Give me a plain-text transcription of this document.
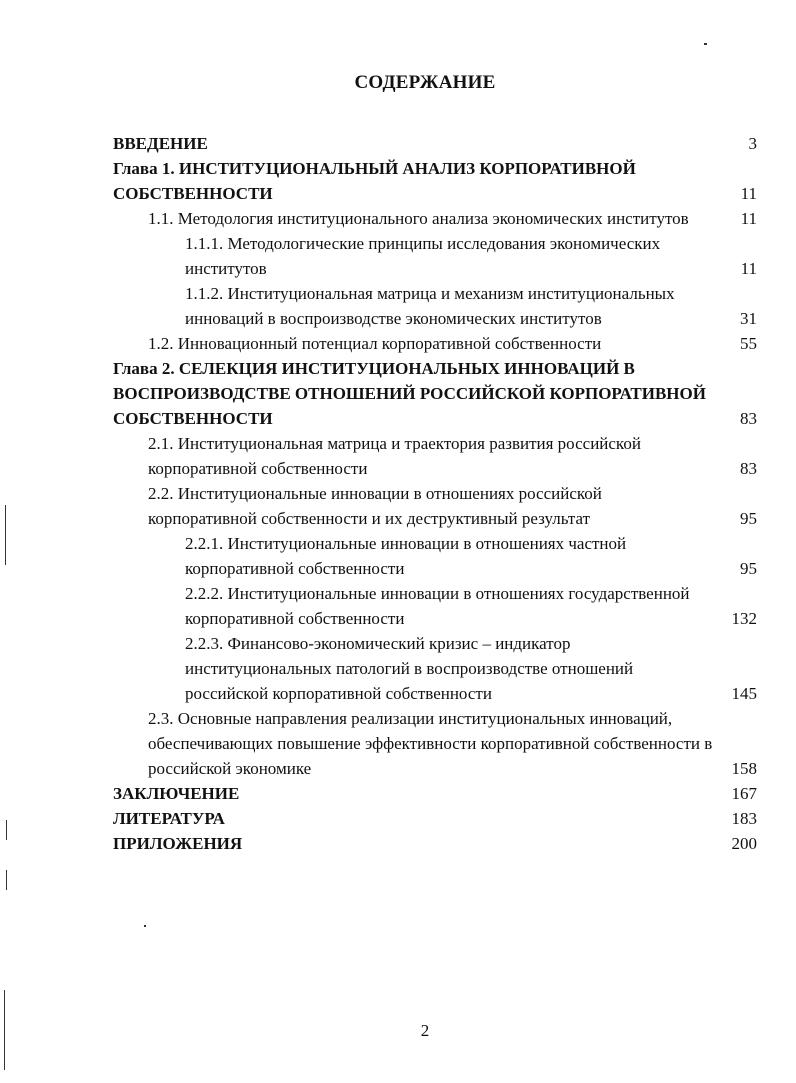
СОДЕРЖАНИЕ
ВВЕДЕНИЕ	3
Глава 1. ИНСТИТУЦИОНАЛЬНЫЙ АНАЛИЗ КОРПОРАТИВНОЙ СОБСТВЕННОСТИ	11
1.1. Методология институционального анализа экономических институтов	11
1.1.1. Методологические принципы исследования экономических институтов	11
1.1.2. Институциональная матрица и механизм институциональных инноваций в воспроизводстве экономических институтов	31
1.2. Инновационный потенциал корпоративной собственности	55
Глава 2. СЕЛЕКЦИЯ ИНСТИТУЦИОНАЛЬНЫХ ИННОВАЦИЙ В ВОСПРОИЗВОДСТВЕ ОТНОШЕНИЙ РОССИЙСКОЙ КОРПОРАТИВНОЙ СОБСТВЕННОСТИ	83
2.1. Институциональная матрица и траектория развития российской корпоративной собственности	83
2.2. Институциональные инновации в отношениях российской корпоративной собственности и их деструктивный результат	95
2.2.1. Институциональные инновации в отношениях частной корпоративной собственности	95
2.2.2. Институциональные инновации в отношениях государственной корпоративной собственности	132
2.2.3. Финансово-экономический кризис – индикатор институциональных патологий в воспроизводстве отношений российской корпоративной собственности	145
2.3. Основные направления реализации институциональных инноваций, обеспечивающих повышение эффективности корпоративной собственности в российской экономике	158
ЗАКЛЮЧЕНИЕ	167
ЛИТЕРАТУРА	183
ПРИЛОЖЕНИЯ	200
2
